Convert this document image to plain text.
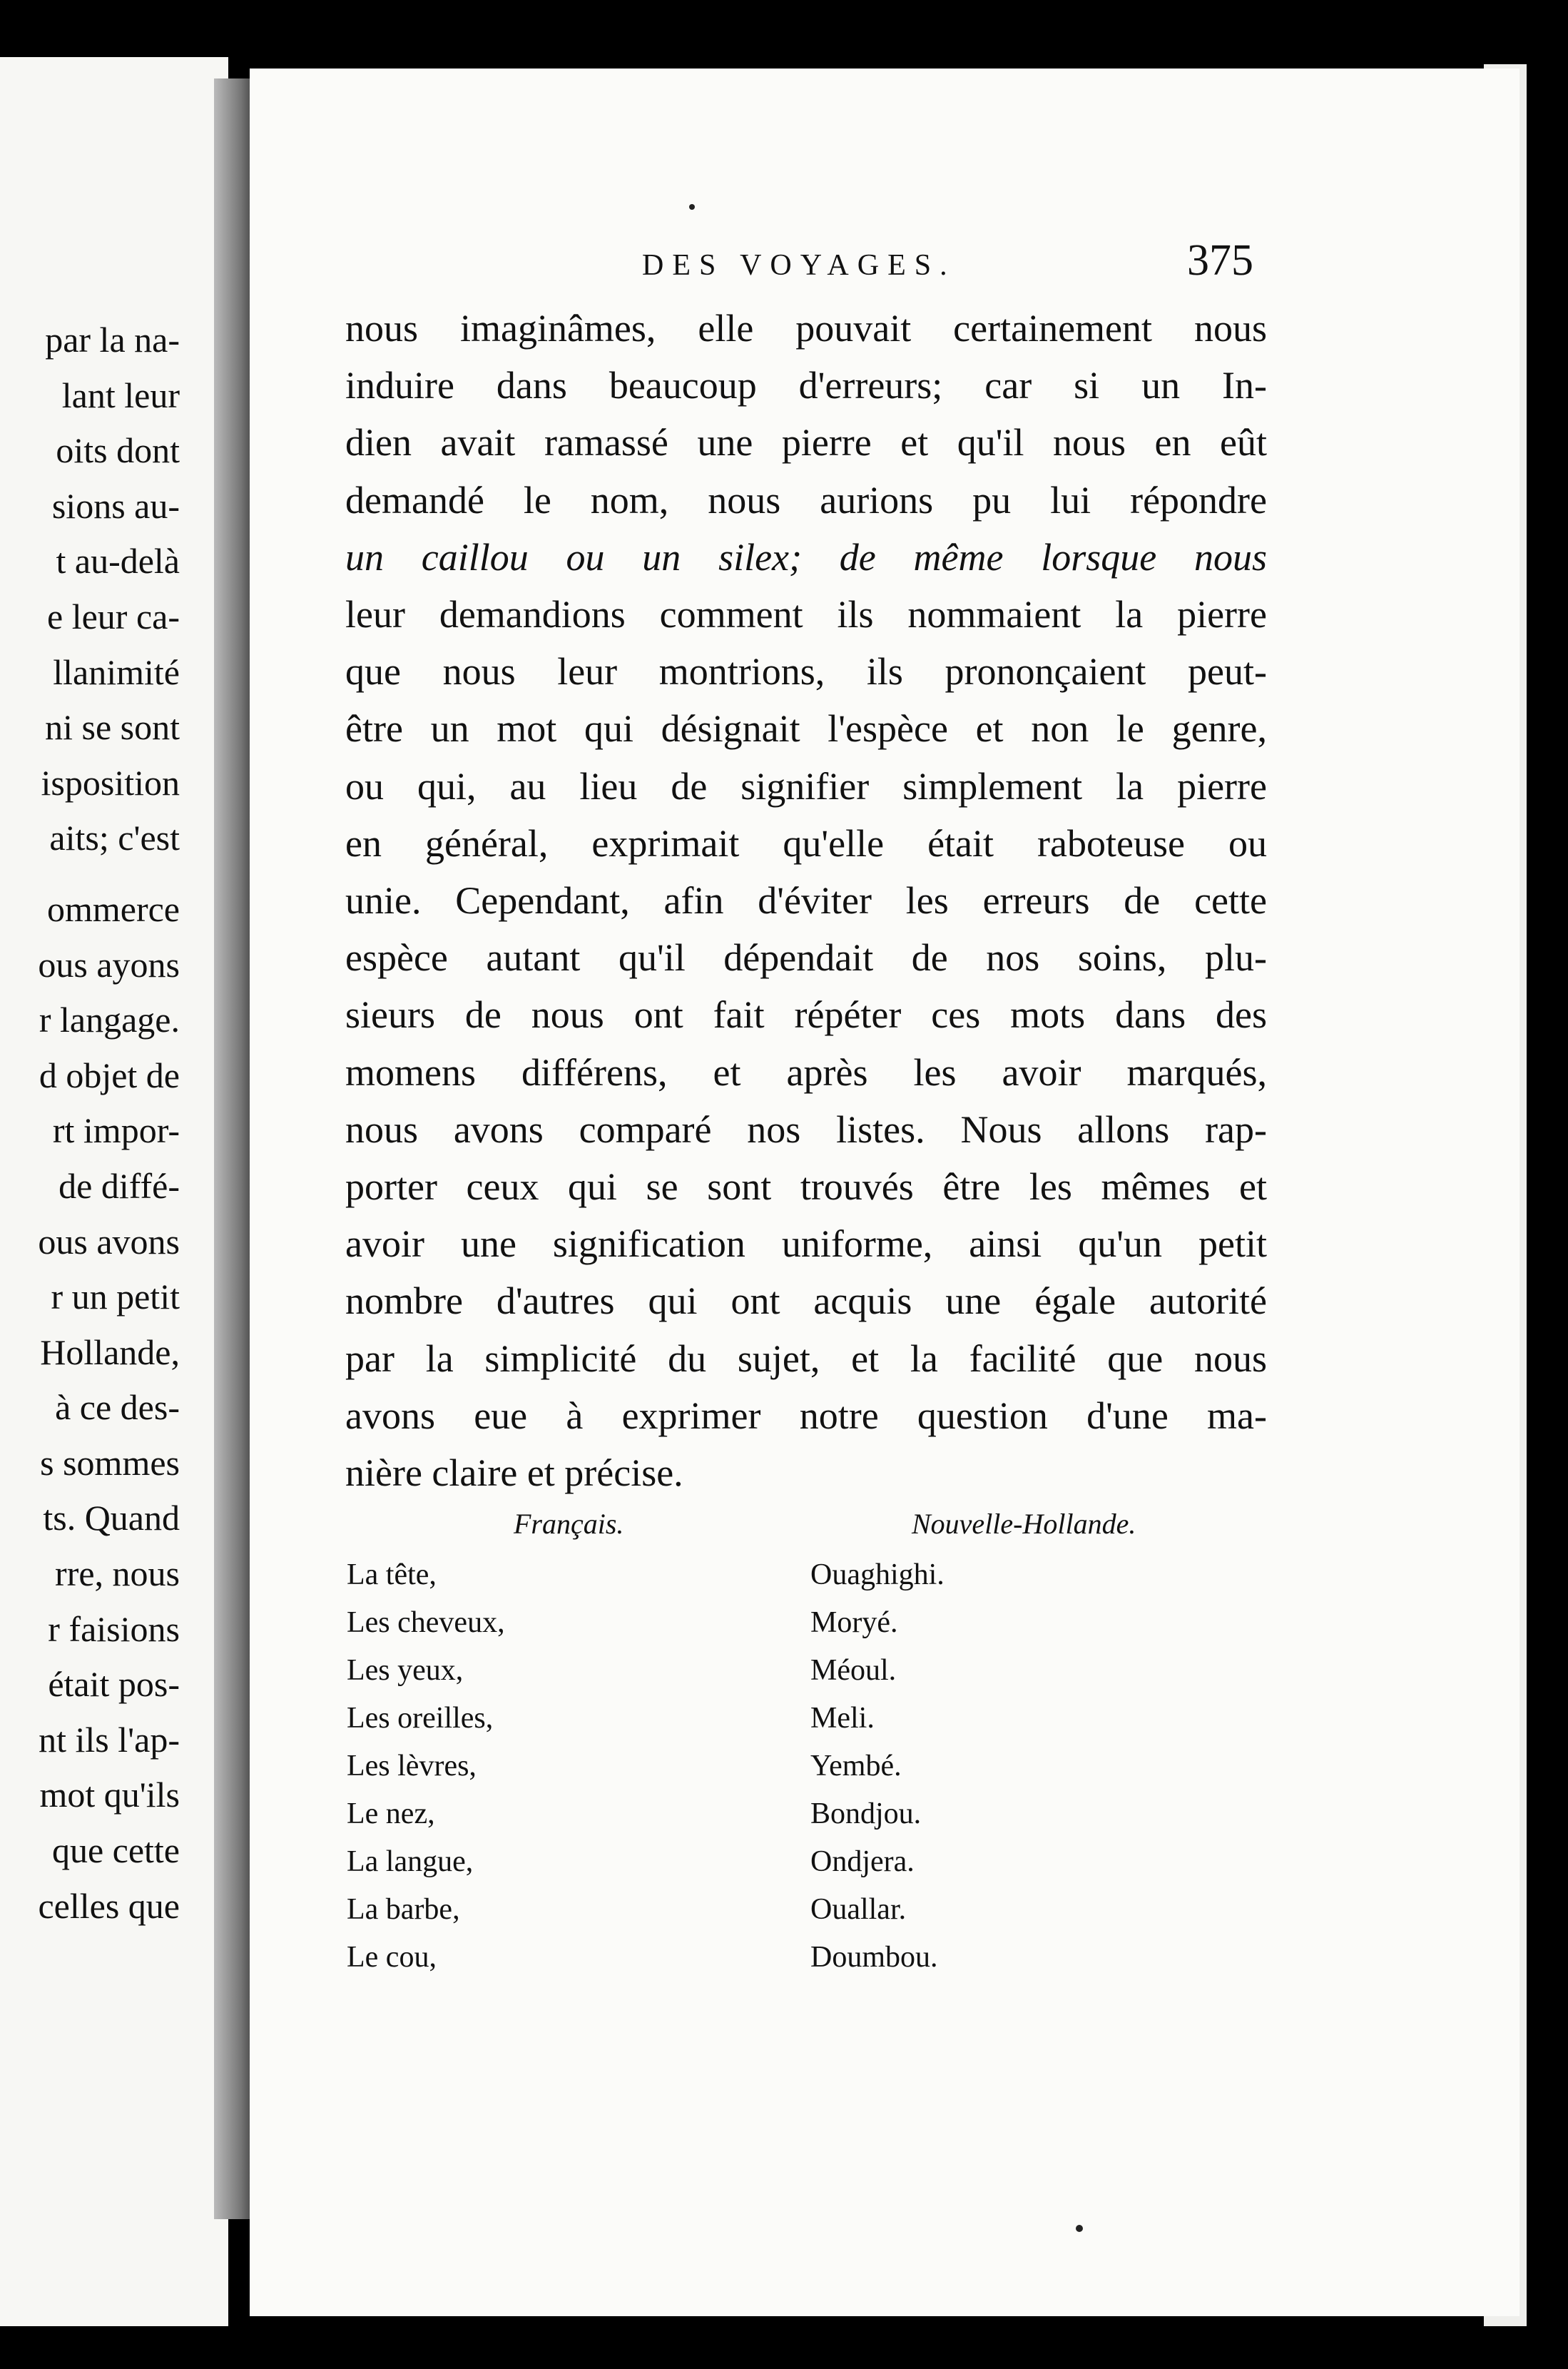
par la na-
lant leur
oits dont
sions au-
t au-delà
e leur ca-
llanimité
ni se sont
isposition
aits; c'est
ommerce
ous ayons
r langage.
d objet de
rt impor-
de diffé-
ous avons
r un petit
Hollande,
à ce des-
s sommes
ts. Quand
rre, nous
r faisions
était pos-
nt ils l'ap-
mot qu'ils
que cette
celles que
DES VOYAGES.	375
nous imaginâmes, elle pouvait certainement nous
induire dans beaucoup d'erreurs; car si un In-
dien avait ramassé une pierre et qu'il nous en eût
demandé le nom, nous aurions pu lui répondre
un caillou ou un silex; de même lorsque nous
leur demandions comment ils nommaient la pierre
que nous leur montrions, ils prononçaient peut-
être un mot qui désignait l'espèce et non le genre,
ou qui, au lieu de signifier simplement la pierre
en général, exprimait qu'elle était raboteuse ou
unie. Cependant, afin d'éviter les erreurs de cette
espèce autant qu'il dépendait de nos soins, plu-
sieurs de nous ont fait répéter ces mots dans des
momens différens, et après les avoir marqués,
nous avons comparé nos listes. Nous allons rap-
porter ceux qui se sont trouvés être les mêmes et
avoir une signification uniforme, ainsi qu'un petit
nombre d'autres qui ont acquis une égale autorité
par la simplicité du sujet, et la facilité que nous
avons eue à exprimer notre question d'une ma-
nière claire et précise.
Français.	Nouvelle-Hollande.
La tête,	Ouaghighi.
Les cheveux,	Moryé.
Les yeux,	Méoul.
Les oreilles,	Meli.
Les lèvres,	Yembé.
Le nez,	Bondjou.
La langue,	Ondjera.
La barbe,	Ouallar.
Le cou,	Doumbou.
